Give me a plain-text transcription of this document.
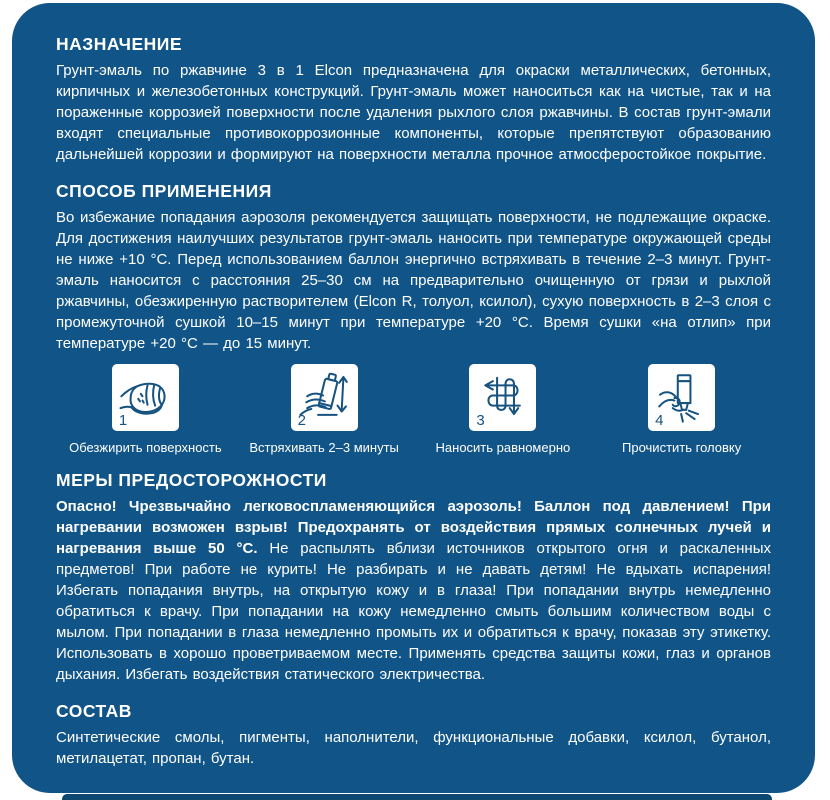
НАЗНАЧЕНИЕ

Грунт-эмаль по ржавчине 3 в 1 Elcon предназначена для окраски металлических, бетонных, кирпичных и железобетонных конструкций. Грунт-эмаль может наноситься как на чистые, так и на пораженные коррозией поверхности после удаления рыхлого слоя ржавчины. В состав грунт-эмали входят специальные противокоррозионные компоненты, которые препятствуют образованию дальнейшей коррозии и формируют на поверхности металла прочное атмосферостойкое покрытие.

СПОСОБ ПРИМЕНЕНИЯ

Во избежание попадания аэрозоля рекомендуется защищать поверхности, не подлежащие окраске. Для достижения наилучших результатов грунт-эмаль наносить при температуре окружающей среды не ниже +10 °C. Перед использованием баллон энергично встряхивать в течение 2–3 минут. Грунт-эмаль наносится с расстояния 25–30 см на предварительно очищенную от грязи и рыхлой ржавчины, обезжиренную растворителем (Elcon R, толуол, ксилол), сухую поверхность в 2–3 слоя с промежуточной сушкой 10–15 минут при температуре +20 °C. Время сушки «на отлип» при температуре +20 °C — до 15 минут.

1
Обезжирить поверхность
2
Встряхивать 2–3 минуты
3
Наносить равномерно
4
Прочистить головку
МЕРЫ ПРЕДОСТОРОЖНОСТИ

Опасно! Чрезвычайно легковоспламеняющийся аэрозоль! Баллон под давлением! При нагревании возможен взрыв! Предохранять от воздействия прямых солнечных лучей и нагревания выше 50 °C. Не распылять вблизи источников открытого огня и раскаленных предметов! При работе не курить! Не разбирать и не давать детям! Не вдыхать испарения! Избегать попадания внутрь, на открытую кожу и в глаза! При попадании внутрь немедленно обратиться к врачу. При попадании на кожу немедленно смыть большим количеством воды с мылом. При попадании в глаза немедленно промыть их и обратиться к врачу, показав эту этикетку. Использовать в хорошо проветриваемом месте. Применять средства защиты кожи, глаз и органов дыхания. Избегать воздействия статического электричества.

СОСТАВ

Синтетические смолы, пигменты, наполнители, функциональные добавки, ксилол, бутанол, метилацетат, пропан, бутан.
